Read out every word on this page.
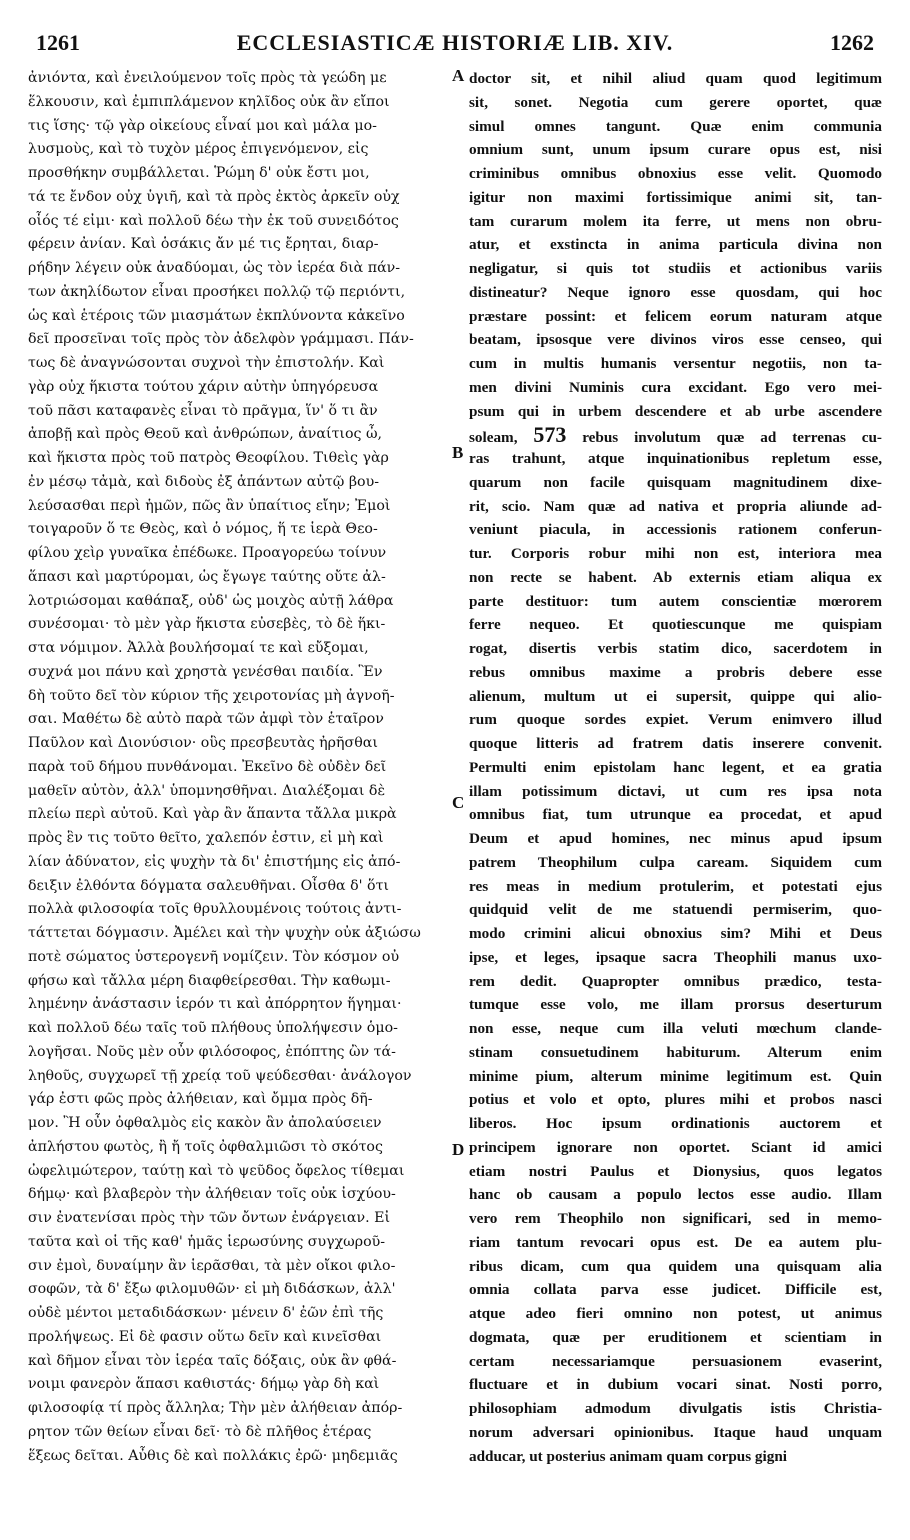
1261	ECCLESIASTICÆ HISTORIÆ LIB. XIV.	1262
ἀνιόντα, καὶ ἐνειλούμενον τοῖς πρὸς τὰ γεώδη με
ἕλκουσιν, καὶ ἐμπιπλάμενον κηλῖδος οὐκ ἂν εἴποι
τις ἵσης· τῷ γὰρ οἰκείους εἶναί μοι καὶ μάλα μο-
λυσμοὺς, καὶ τὸ τυχὸν μέρος ἐπιγενόμενον, εἰς
προσθήκην συμβάλλεται. Ῥώμη δ' οὐκ ἔστι μοι,
τά τε ἔνδον οὐχ ὑγιῆ, καὶ τὰ πρὸς ἐκτὸς ἀρκεῖν οὐχ
οἷός τέ εἰμι· καὶ πολλοῦ δέω τὴν ἐκ τοῦ συνειδότος
φέρειν ἀνίαν. Καὶ ὁσάκις ἄν μέ τις ἔρηται, διαρ-
ρήδην λέγειν οὐκ ἀναδύομαι, ὡς τὸν ἱερέα διὰ πάν-
των ἀκηλίδωτον εἶναι προσήκει πολλῷ τῷ περιόντι,
ὡς καὶ ἑτέροις τῶν μιασμάτων ἐκπλύνοντα κἀκεῖνο
δεῖ προσεῖναι τοῖς πρὸς τὸν ἀδελφὸν γράμμασι. Πάν-
τως δὲ ἀναγνώσονται συχνοὶ τὴν ἐπιστολήν. Καὶ
γὰρ οὐχ ἥκιστα τούτου χάριν αὐτὴν ὑπηγόρευσα
τοῦ πᾶσι καταφανὲς εἶναι τὸ πρᾶγμα, ἵν' ὅ τι ἂν
ἀποβῇ καὶ πρὸς Θεοῦ καὶ ἀνθρώπων, ἀναίτιος ὦ,
καὶ ἥκιστα πρὸς τοῦ πατρὸς Θεοφίλου. Τιθεὶς γὰρ
ἐν μέσῳ τἀμὰ, καὶ διδοὺς ἐξ ἁπάντων αὐτῷ βου-
λεύσασθαι περὶ ἡμῶν, πῶς ἂν ὑπαίτιος εἴην; Ἐμοὶ
τοιγαροῦν ὅ τε Θεὸς, καὶ ὁ νόμος, ἥ τε ἱερὰ Θεο-
φίλου χεὶρ γυναῖκα ἐπέδωκε. Προαγορεύω τοίνυν
ἅπασι καὶ μαρτύρομαι, ὡς ἔγωγε ταύτης οὔτε ἀλ-
λοτριώσομαι καθάπαξ, οὐδ' ὡς μοιχὸς αὐτῇ λάθρα
συνέσομαι· τὸ μὲν γὰρ ἥκιστα εὐσεβὲς, τὸ δὲ ἥκι-
στα νόμιμον. Ἀλλὰ βουλήσομαί τε καὶ εὔξομαι,
συχνά μοι πάνυ καὶ χρηστὰ γενέσθαι παιδία. Ἓν
δὴ τοῦτο δεῖ τὸν κύριον τῆς χειροτονίας μὴ ἀγνοῆ-
σαι. Μαθέτω δὲ αὐτὸ παρὰ τῶν ἀμφὶ τὸν ἑταῖρον
Παῦλον καὶ Διονύσιον· οὓς πρεσβευτὰς ἠρῆσθαι
παρὰ τοῦ δήμου πυνθάνομαι. Ἐκεῖνο δὲ οὐδὲν δεῖ
μαθεῖν αὐτὸν, ἀλλ' ὑπομνησθῆναι. Διαλέξομαι δὲ
πλείω περὶ αὐτοῦ. Καὶ γὰρ ἂν ἅπαντα τἄλλα μικρὰ
πρὸς ἓν τις τοῦτο θεῖτο, χαλεπόν ἐστιν, εἰ μὴ καὶ
λίαν ἀδύνατον, εἰς ψυχὴν τὰ δι' ἐπιστήμης εἰς ἀπό-
δειξιν ἐλθόντα δόγματα σαλευθῆναι. Οἶσθα δ' ὅτι
πολλὰ φιλοσοφία τοῖς θρυλλουμένοις τούτοις ἀντι-
τάττεται δόγμασιν. Ἀμέλει καὶ τὴν ψυχὴν οὐκ ἀξιώσω
ποτὲ σώματος ὑστερογενῆ νομίζειν. Τὸν κόσμον οὐ
φήσω καὶ τἄλλα μέρη διαφθείρεσθαι. Τὴν καθωμι-
λημένην ἀνάστασιν ἱερόν τι καὶ ἀπόρρητον ἥγημαι·
καὶ πολλοῦ δέω ταῖς τοῦ πλήθους ὑπολήψεσιν ὁμο-
λογῆσαι. Νοῦς μὲν οὖν φιλόσοφος, ἐπόπτης ὢν τά-
ληθοῦς, συγχωρεῖ τῇ χρείᾳ τοῦ ψεύδεσθαι· ἀνάλογον
γάρ ἐστι φῶς πρὸς ἀλήθειαν, καὶ ὄμμα πρὸς δῆ-
μον. Ἢ οὖν ὀφθαλμὸς εἰς κακὸν ἂν ἀπολαύσειεν
ἀπλήστου φωτὸς, ἢ ἤ τοῖς ὀφθαλμιῶσι τὸ σκότος
ὠφελιμώτερον, ταύτῃ καὶ τὸ ψεῦδος ὄφελος τίθεμαι
δήμῳ· καὶ βλαβερὸν τὴν ἀλήθειαν τοῖς οὐκ ἰσχύου-
σιν ἐνατενίσαι πρὸς τὴν τῶν ὄντων ἐνάργειαν. Εἰ
ταῦτα καὶ οἱ τῆς καθ' ἡμᾶς ἱερωσύνης συγχωροῦ-
σιν ἐμοὶ, δυναίμην ἂν ἱερᾶσθαι, τὰ μὲν οἴκοι φιλο-
σοφῶν, τὰ δ' ἔξω φιλομυθῶν· εἰ μὴ διδάσκων, ἀλλ'
οὐδὲ μέντοι μεταδιδάσκων· μένειν δ' ἐῶν ἐπὶ τῆς
προλήψεως. Εἰ δὲ φασιν οὕτω δεῖν καὶ κινεῖσθαι
καὶ δῆμον εἶναι τὸν ἱερέα ταῖς δόξαις, οὐκ ἂν φθά-
νοιμι φανερὸν ἅπασι καθιστάς· δήμῳ γὰρ δὴ καὶ
φιλοσοφίᾳ τί πρὸς ἄλληλα; Τὴν μὲν ἀλήθειαν ἀπόρ-
ρητον τῶν θείων εἶναι δεῖ· τὸ δὲ πλῆθος ἑτέρας
ἕξεως δεῖται. Αὖθις δὲ καὶ πολλάκις ἐρῶ· μηδεμιᾶς
doctor sit, et nihil aliud quam quod legitimum
sit, sonet. Negotia cum gerere oportet, quæ
simul omnes tangunt. Quæ enim communia
omnium sunt, unum ipsum curare opus est, nisi
criminibus omnibus obnoxius esse velit. Quomodo
igitur non maximi fortissimique animi sit, tan-
tam curarum molem ita ferre, ut mens non obru-
atur, et exstincta in anima particula divina non
negligatur, si quis tot studiis et actionibus variis
distineatur? Neque ignoro esse quosdam, qui hoc
præstare possint: et felicem eorum naturam atque
beatam, ipsosque vere divinos viros esse censeo, qui
cum in multis humanis versentur negotiis, non ta-
men divini Numinis cura excidant. Ego vero mei-
psum qui in urbem descendere et ab urbe ascendere
soleam, 573 rebus involutum quæ ad terrenas cu-
ras trahunt, atque inquinationibus repletum esse,
quarum non facile quisquam magnitudinem dixe-
rit, scio. Nam quæ ad nativa et propria aliunde ad-
veniunt piacula, in accessionis rationem conferun-
tur. Corporis robur mihi non est, interiora mea
non recte se habent. Ab externis etiam aliqua ex
parte destituor: tum autem conscientiæ mœrorem
ferre nequeo. Et quotiescunque me quispiam
rogat, disertis verbis statim dico, sacerdotem in
rebus omnibus maxime a probris debere esse
alienum, multum ut ei supersit, quippe qui alio-
rum quoque sordes expiet. Verum enimvero illud
quoque litteris ad fratrem datis inserere convenit.
Permulti enim epistolam hanc legent, et ea gratia
illam potissimum dictavi, ut cum res ipsa nota
omnibus fiat, tum utrunque ea procedat, et apud
Deum et apud homines, nec minus apud ipsum
patrem Theophilum culpa caream. Siquidem cum
res meas in medium protulerim, et potestati ejus
quidquid velit de me statuendi permiserim, quo-
modo crimini alicui obnoxius sim? Mihi et Deus
ipse, et leges, ipsaque sacra Theophili manus uxo-
rem dedit. Quapropter omnibus prædico, testa-
tumque esse volo, me illam prorsus deserturum
non esse, neque cum illa veluti mœchum clande-
stinam consuetudinem habiturum. Alterum enim
minime pium, alterum minime legitimum est. Quin
potius et volo et opto, plures mihi et probos nasci
liberos. Hoc ipsum ordinationis auctorem et
principem ignorare non oportet. Sciant id amici
etiam nostri Paulus et Dionysius, quos legatos
hanc ob causam a populo lectos esse audio. Illam
vero rem Theophilo non significari, sed in memo-
riam tantum revocari opus est. De ea autem plu-
ribus dicam, cum qua quidem una quisquam alia
omnia collata parva esse judicet. Difficile est,
atque adeo fieri omnino non potest, ut animus
dogmata, quæ per eruditionem et scientiam in
certam necessariamque persuasionem evaserint,
fluctuare et in dubium vocari sinat. Nosti porro,
philosophiam admodum divulgatis istis Christia-
norum adversari opinionibus. Itaque haud unquam
adducar, ut posterius animam quam corpus gigni
A
B
C
D
